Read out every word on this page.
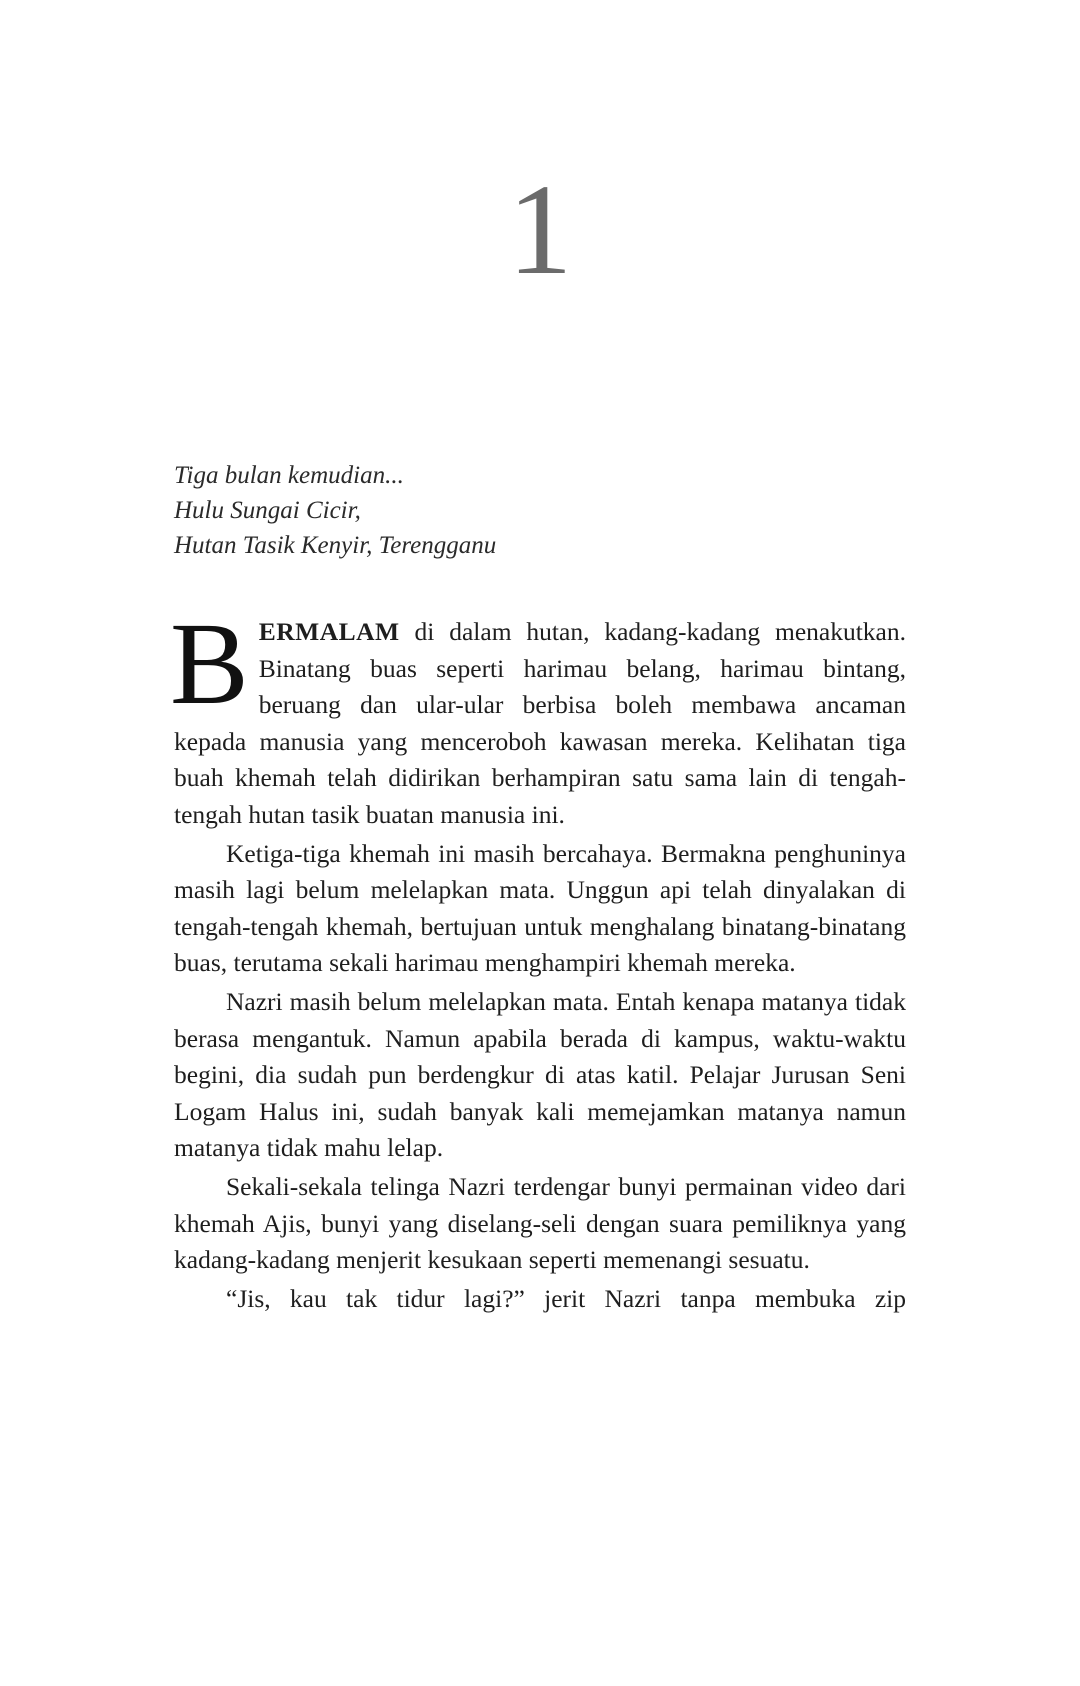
1
Tiga bulan kemudian...
Hulu Sungai Cicir,
Hutan Tasik Kenyir, Terengganu

BERMALAM di dalam hutan, kadang-kadang menakutkan. Binatang buas seperti harimau belang, harimau bintang, beruang dan ular-ular berbisa boleh membawa ancaman kepada manusia yang menceroboh kawasan mereka. Kelihatan tiga buah khemah telah didirikan berhampiran satu sama lain di tengah-tengah hutan tasik buatan manusia ini.

Ketiga-tiga khemah ini masih bercahaya. Bermakna penghuninya masih lagi belum melelapkan mata. Unggun api telah dinyalakan di tengah-tengah khemah, bertujuan untuk menghalang binatang-binatang buas, terutama sekali harimau menghampiri khemah mereka.

Nazri masih belum melelapkan mata. Entah kenapa matanya tidak berasa mengantuk. Namun apabila berada di kampus, waktu-waktu begini, dia sudah pun berdengkur di atas katil. Pelajar Jurusan Seni Logam Halus ini, sudah banyak kali memejamkan matanya namun matanya tidak mahu lelap.

Sekali-sekala telinga Nazri terdengar bunyi permainan video dari khemah Ajis, bunyi yang diselang-seli dengan suara pemiliknya yang kadang-kadang menjerit kesukaan seperti memenangi sesuatu.

“Jis, kau tak tidur lagi?” jerit Nazri tanpa membuka zip
